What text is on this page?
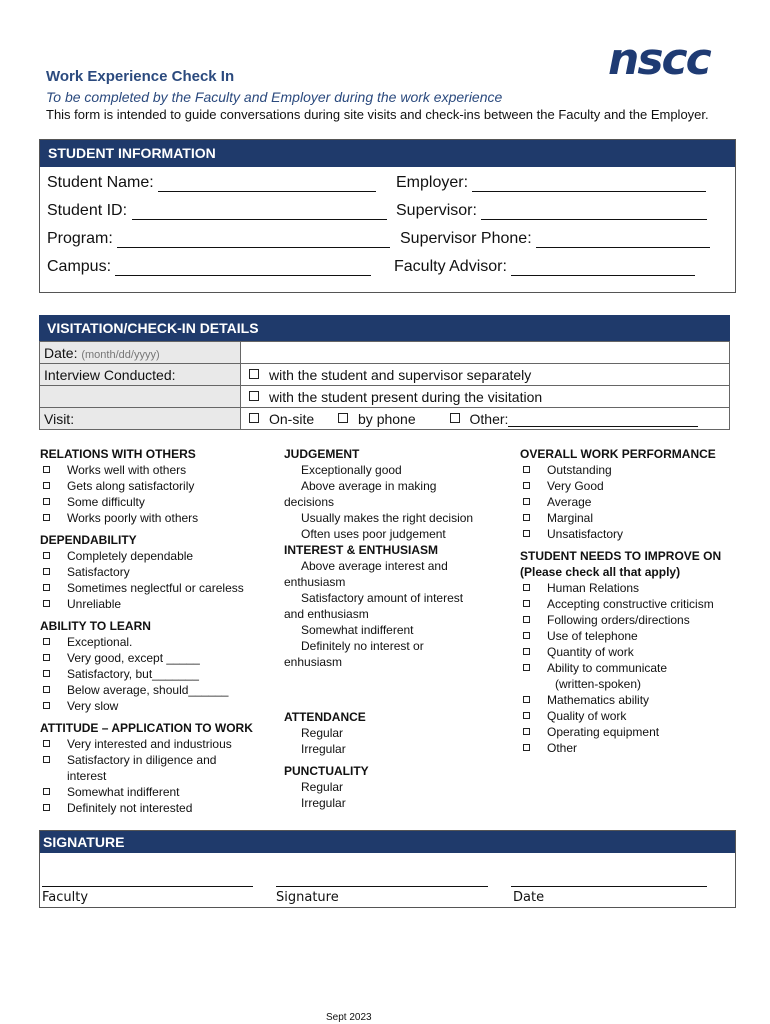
nscc
Work Experience Check In
To be completed by the Faculty and Employer during the work experience
This form is intended to guide conversations during site visits and check-ins between the Faculty and the Employer.
STUDENT INFORMATION
Student Name:	Employer:
Student ID:	Supervisor:
Program:	Supervisor Phone:
Campus:	Faculty Advisor:
VISITATION/CHECK-IN DETAILS
Date: (month/dd/yyyy)	
Interview Conducted:	with the student and supervisor separately
	with the student present during the visitation
Visit:	On-site by phone Other:
RELATIONS WITH OTHERS
Works well with others
Gets along satisfactorily
Some difficulty
Works poorly with others
DEPENDABILITY
Completely dependable
Satisfactory
Sometimes neglectful or careless
Unreliable
ABILITY TO LEARN
Exceptional.
Very good, except _____
Satisfactory, but_______
Below average, should______
Very slow
ATTITUDE – APPLICATION TO WORK
Very interested and industrious
Satisfactory in diligence and
interest
Somewhat indifferent
Definitely not interested
JUDGEMENT
Exceptionally good
Above average in making
decisions
Usually makes the right decision
Often uses poor judgement
INTEREST & ENTHUSIASM
Above average interest and
enthusiasm
Satisfactory amount of interest
and enthusiasm
Somewhat indifferent
Definitely no interest or
enhusiasm
ATTENDANCE
Regular
Irregular
PUNCTUALITY
Regular
Irregular
OVERALL WORK PERFORMANCE
Outstanding
Very Good
Average
Marginal
Unsatisfactory
STUDENT NEEDS TO IMPROVE ON
(Please check all that apply)
Human Relations
Accepting constructive criticism
Following orders/directions
Use of telephone
Quantity of work
Ability to communicate
(written-spoken)
Mathematics ability
Quality of work
Operating equipment
Other
SIGNATURE
Faculty	Signature	Date
Sept 2023
